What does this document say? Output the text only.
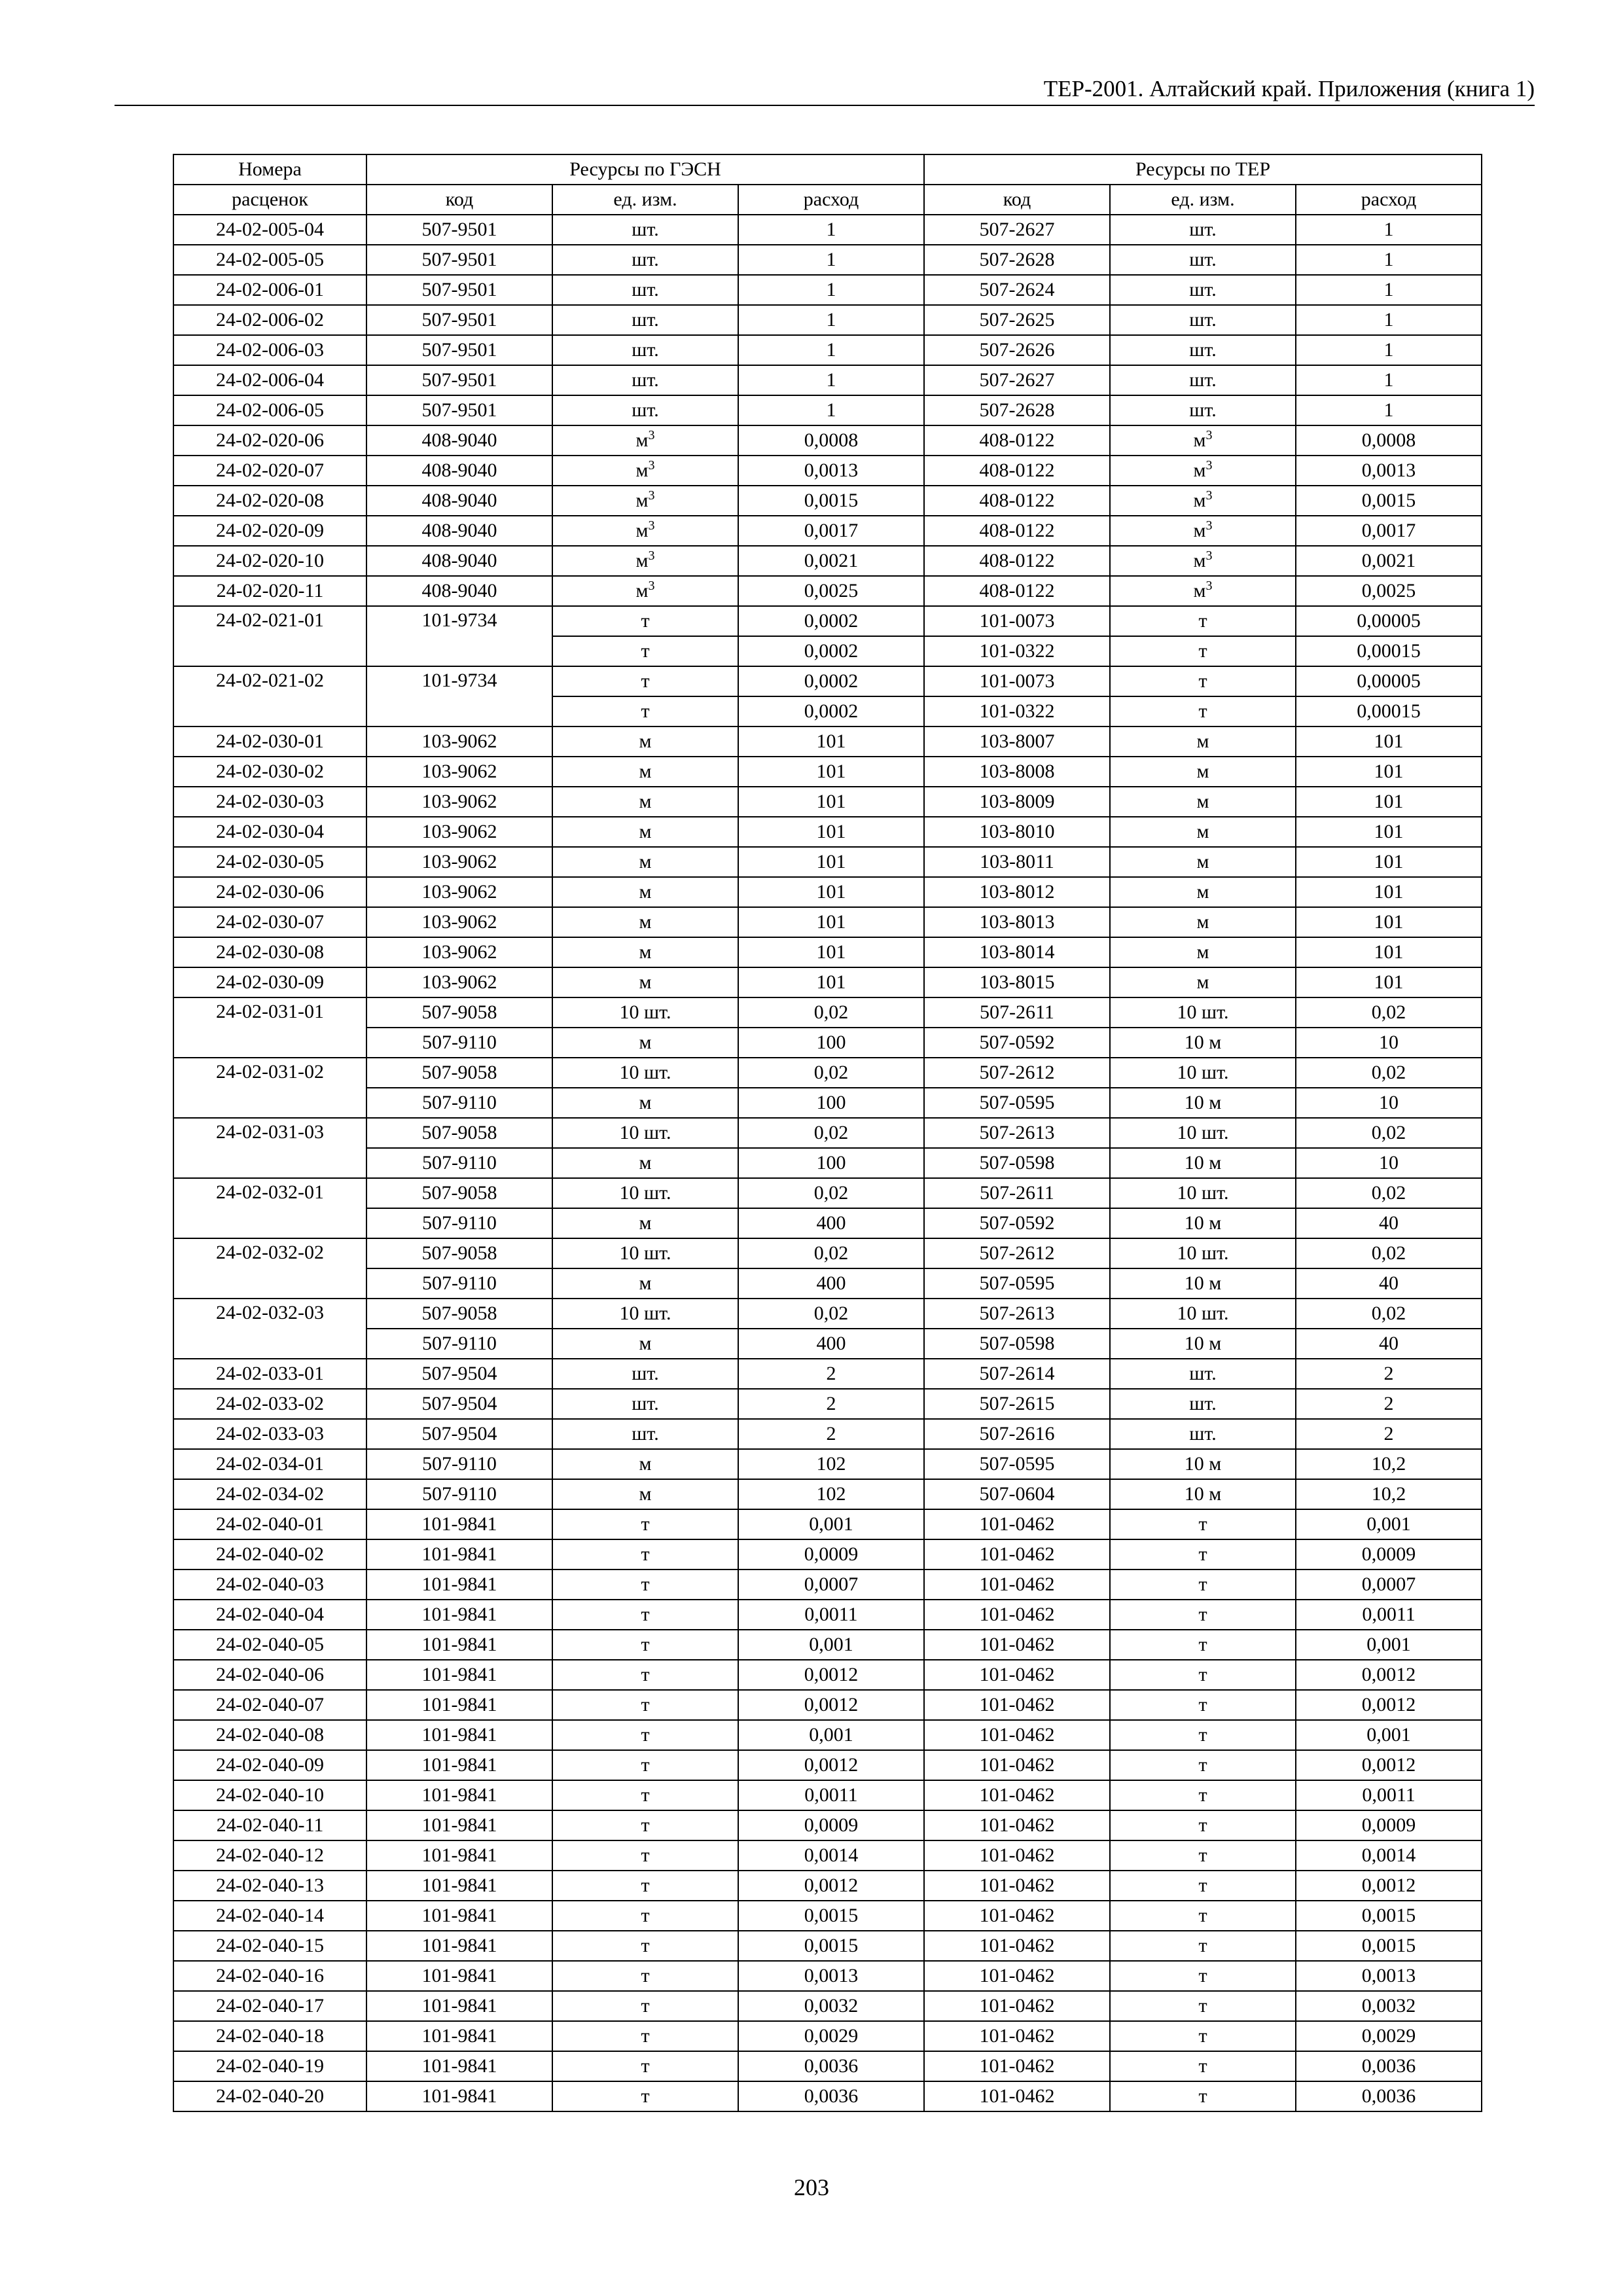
ТЕР-2001. Алтайский край. Приложения (книга 1)
Номера	Ресурсы по ГЭСН			Ресурсы по ТЕР		
расценок	код	ед. изм.	расход	код	ед. изм.	расход
24-02-005-04	507-9501	шт.	1	507-2627	шт.	1
24-02-005-05	507-9501	шт.	1	507-2628	шт.	1
24-02-006-01	507-9501	шт.	1	507-2624	шт.	1
24-02-006-02	507-9501	шт.	1	507-2625	шт.	1
24-02-006-03	507-9501	шт.	1	507-2626	шт.	1
24-02-006-04	507-9501	шт.	1	507-2627	шт.	1
24-02-006-05	507-9501	шт.	1	507-2628	шт.	1
24-02-020-06	408-9040	$м^3$	0,0008	408-0122	$м^3$	0,0008
24-02-020-07	408-9040	$м^3$	0,0013	408-0122	$м^3$	0,0013
24-02-020-08	408-9040	$м^3$	0,0015	408-0122	$м^3$	0,0015
24-02-020-09	408-9040	$м^3$	0,0017	408-0122	$м^3$	0,0017
24-02-020-10	408-9040	$м^3$	0,0021	408-0122	$м^3$	0,0021
24-02-020-11	408-9040	$м^3$	0,0025	408-0122	$м^3$	0,0025
24-02-021-01	101-9734	т	0,0002	101-0073	т	0,00005
		т	0,0002	101-0322	т	0,00015
24-02-021-02	101-9734	т	0,0002	101-0073	т	0,00005
		т	0,0002	101-0322	т	0,00015
24-02-030-01	103-9062	м	101	103-8007	м	101
24-02-030-02	103-9062	м	101	103-8008	м	101
24-02-030-03	103-9062	м	101	103-8009	м	101
24-02-030-04	103-9062	м	101	103-8010	м	101
24-02-030-05	103-9062	м	101	103-8011	м	101
24-02-030-06	103-9062	м	101	103-8012	м	101
24-02-030-07	103-9062	м	101	103-8013	м	101
24-02-030-08	103-9062	м	101	103-8014	м	101
24-02-030-09	103-9062	м	101	103-8015	м	101
24-02-031-01	507-9058	10 шт.	0,02	507-2611	10 шт.	0,02
	507-9110	м	100	507-0592	10 м	10
24-02-031-02	507-9058	10 шт.	0,02	507-2612	10 шт.	0,02
	507-9110	м	100	507-0595	10 м	10
24-02-031-03	507-9058	10 шт.	0,02	507-2613	10 шт.	0,02
	507-9110	м	100	507-0598	10 м	10
24-02-032-01	507-9058	10 шт.	0,02	507-2611	10 шт.	0,02
	507-9110	м	400	507-0592	10 м	40
24-02-032-02	507-9058	10 шт.	0,02	507-2612	10 шт.	0,02
	507-9110	м	400	507-0595	10 м	40
24-02-032-03	507-9058	10 шт.	0,02	507-2613	10 шт.	0,02
	507-9110	м	400	507-0598	10 м	40
24-02-033-01	507-9504	шт.	2	507-2614	шт.	2
24-02-033-02	507-9504	шт.	2	507-2615	шт.	2
24-02-033-03	507-9504	шт.	2	507-2616	шт.	2
24-02-034-01	507-9110	м	102	507-0595	10 м	10,2
24-02-034-02	507-9110	м	102	507-0604	10 м	10,2
24-02-040-01	101-9841	т	0,001	101-0462	т	0,001
24-02-040-02	101-9841	т	0,0009	101-0462	т	0,0009
24-02-040-03	101-9841	т	0,0007	101-0462	т	0,0007
24-02-040-04	101-9841	т	0,0011	101-0462	т	0,0011
24-02-040-05	101-9841	т	0,001	101-0462	т	0,001
24-02-040-06	101-9841	т	0,0012	101-0462	т	0,0012
24-02-040-07	101-9841	т	0,0012	101-0462	т	0,0012
24-02-040-08	101-9841	т	0,001	101-0462	т	0,001
24-02-040-09	101-9841	т	0,0012	101-0462	т	0,0012
24-02-040-10	101-9841	т	0,0011	101-0462	т	0,0011
24-02-040-11	101-9841	т	0,0009	101-0462	т	0,0009
24-02-040-12	101-9841	т	0,0014	101-0462	т	0,0014
24-02-040-13	101-9841	т	0,0012	101-0462	т	0,0012
24-02-040-14	101-9841	т	0,0015	101-0462	т	0,0015
24-02-040-15	101-9841	т	0,0015	101-0462	т	0,0015
24-02-040-16	101-9841	т	0,0013	101-0462	т	0,0013
24-02-040-17	101-9841	т	0,0032	101-0462	т	0,0032
24-02-040-18	101-9841	т	0,0029	101-0462	т	0,0029
24-02-040-19	101-9841	т	0,0036	101-0462	т	0,0036
24-02-040-20	101-9841	т	0,0036	101-0462	т	0,0036
203
